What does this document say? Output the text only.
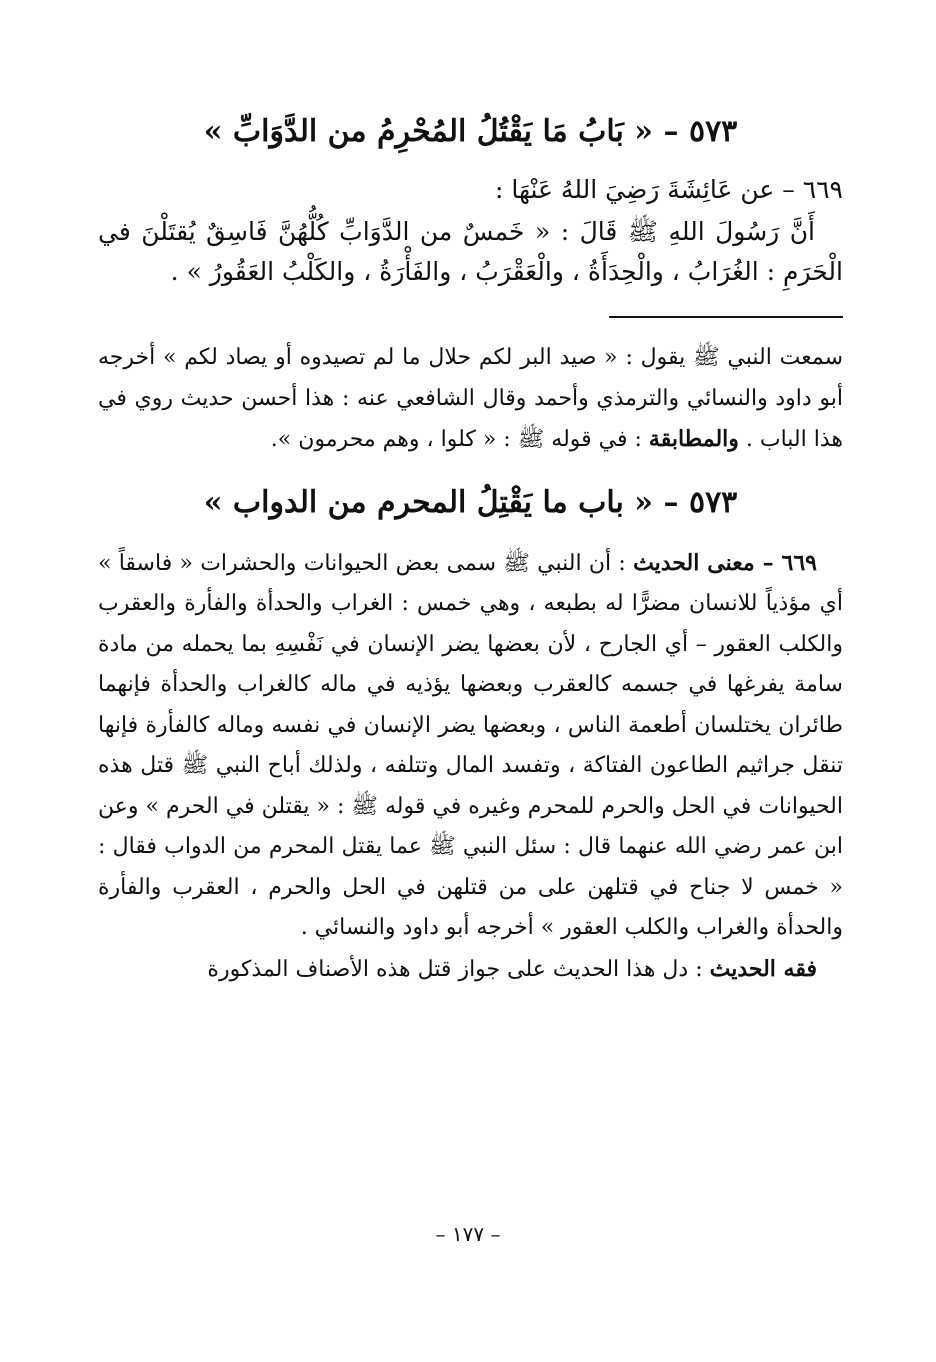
٥٧٣ – « بَابُ مَا يَقْتُلُ المُحْرِمُ من الدَّوَابِّ »

٦٦٩ – عن عَائِشَةَ رَضِيَ اللهُ عَنْهَا :

أَنَّ رَسُولَ اللهِ ﷺ قَالَ : « خَمسٌ من الدَّوَابِّ كُلُّهُنَّ فَاسِقٌ يُقتَلْنَ في الْحَرَمِ : الغُرَابُ ، والْحِدَأَةُ ، والْعَقْرَبُ ، والفَأْرَةُ ، والكَلْبُ العَقُورُ » .

سمعت النبي ﷺ يقول : « صيد البر لكم حلال ما لم تصيدوه أو يصاد لكم » أخرجه أبو داود والنسائي والترمذي وأحمد وقال الشافعي عنه : هذا أحسن حديث روي في هذا الباب . والمطابقة : في قوله ﷺ : « كلوا ، وهم محرمون ».

٥٧٣ – « باب ما يَقْتِلُ المحرم من الدواب »

٦٦٩ – معنى الحديث : أن النبي ﷺ سمى بعض الحيوانات والحشرات « فاسقاً » أي مؤذياً للانسان مضرًّا له بطبعه ، وهي خمس : الغراب والحدأة والفأرة والعقرب والكلب العقور – أي الجارح ، لأن بعضها يضر الإنسان في نَفْسِهِ بما يحمله من مادة سامة يفرغها في جسمه كالعقرب وبعضها يؤذيه في ماله كالغراب والحدأة فإنهما طائران يختلسان أطعمة الناس ، وبعضها يضر الإنسان في نفسه وماله كالفأرة فإنها تنقل جراثيم الطاعون الفتاكة ، وتفسد المال وتتلفه ، ولذلك أباح النبي ﷺ قتل هذه الحيوانات في الحل والحرم للمحرم وغيره في قوله ﷺ : « يقتلن في الحرم » وعن ابن عمر رضي الله عنهما قال : سئل النبي ﷺ عما يقتل المحرم من الدواب فقال : « خمس لا جناح في قتلهن على من قتلهن في الحل والحرم ، العقرب والفأرة والحدأة والغراب والكلب العقور » أخرجه أبو داود والنسائي .

فقه الحديث : دل هذا الحديث على جواز قتل هذه الأصناف المذكورة

– ١٧٧ –
